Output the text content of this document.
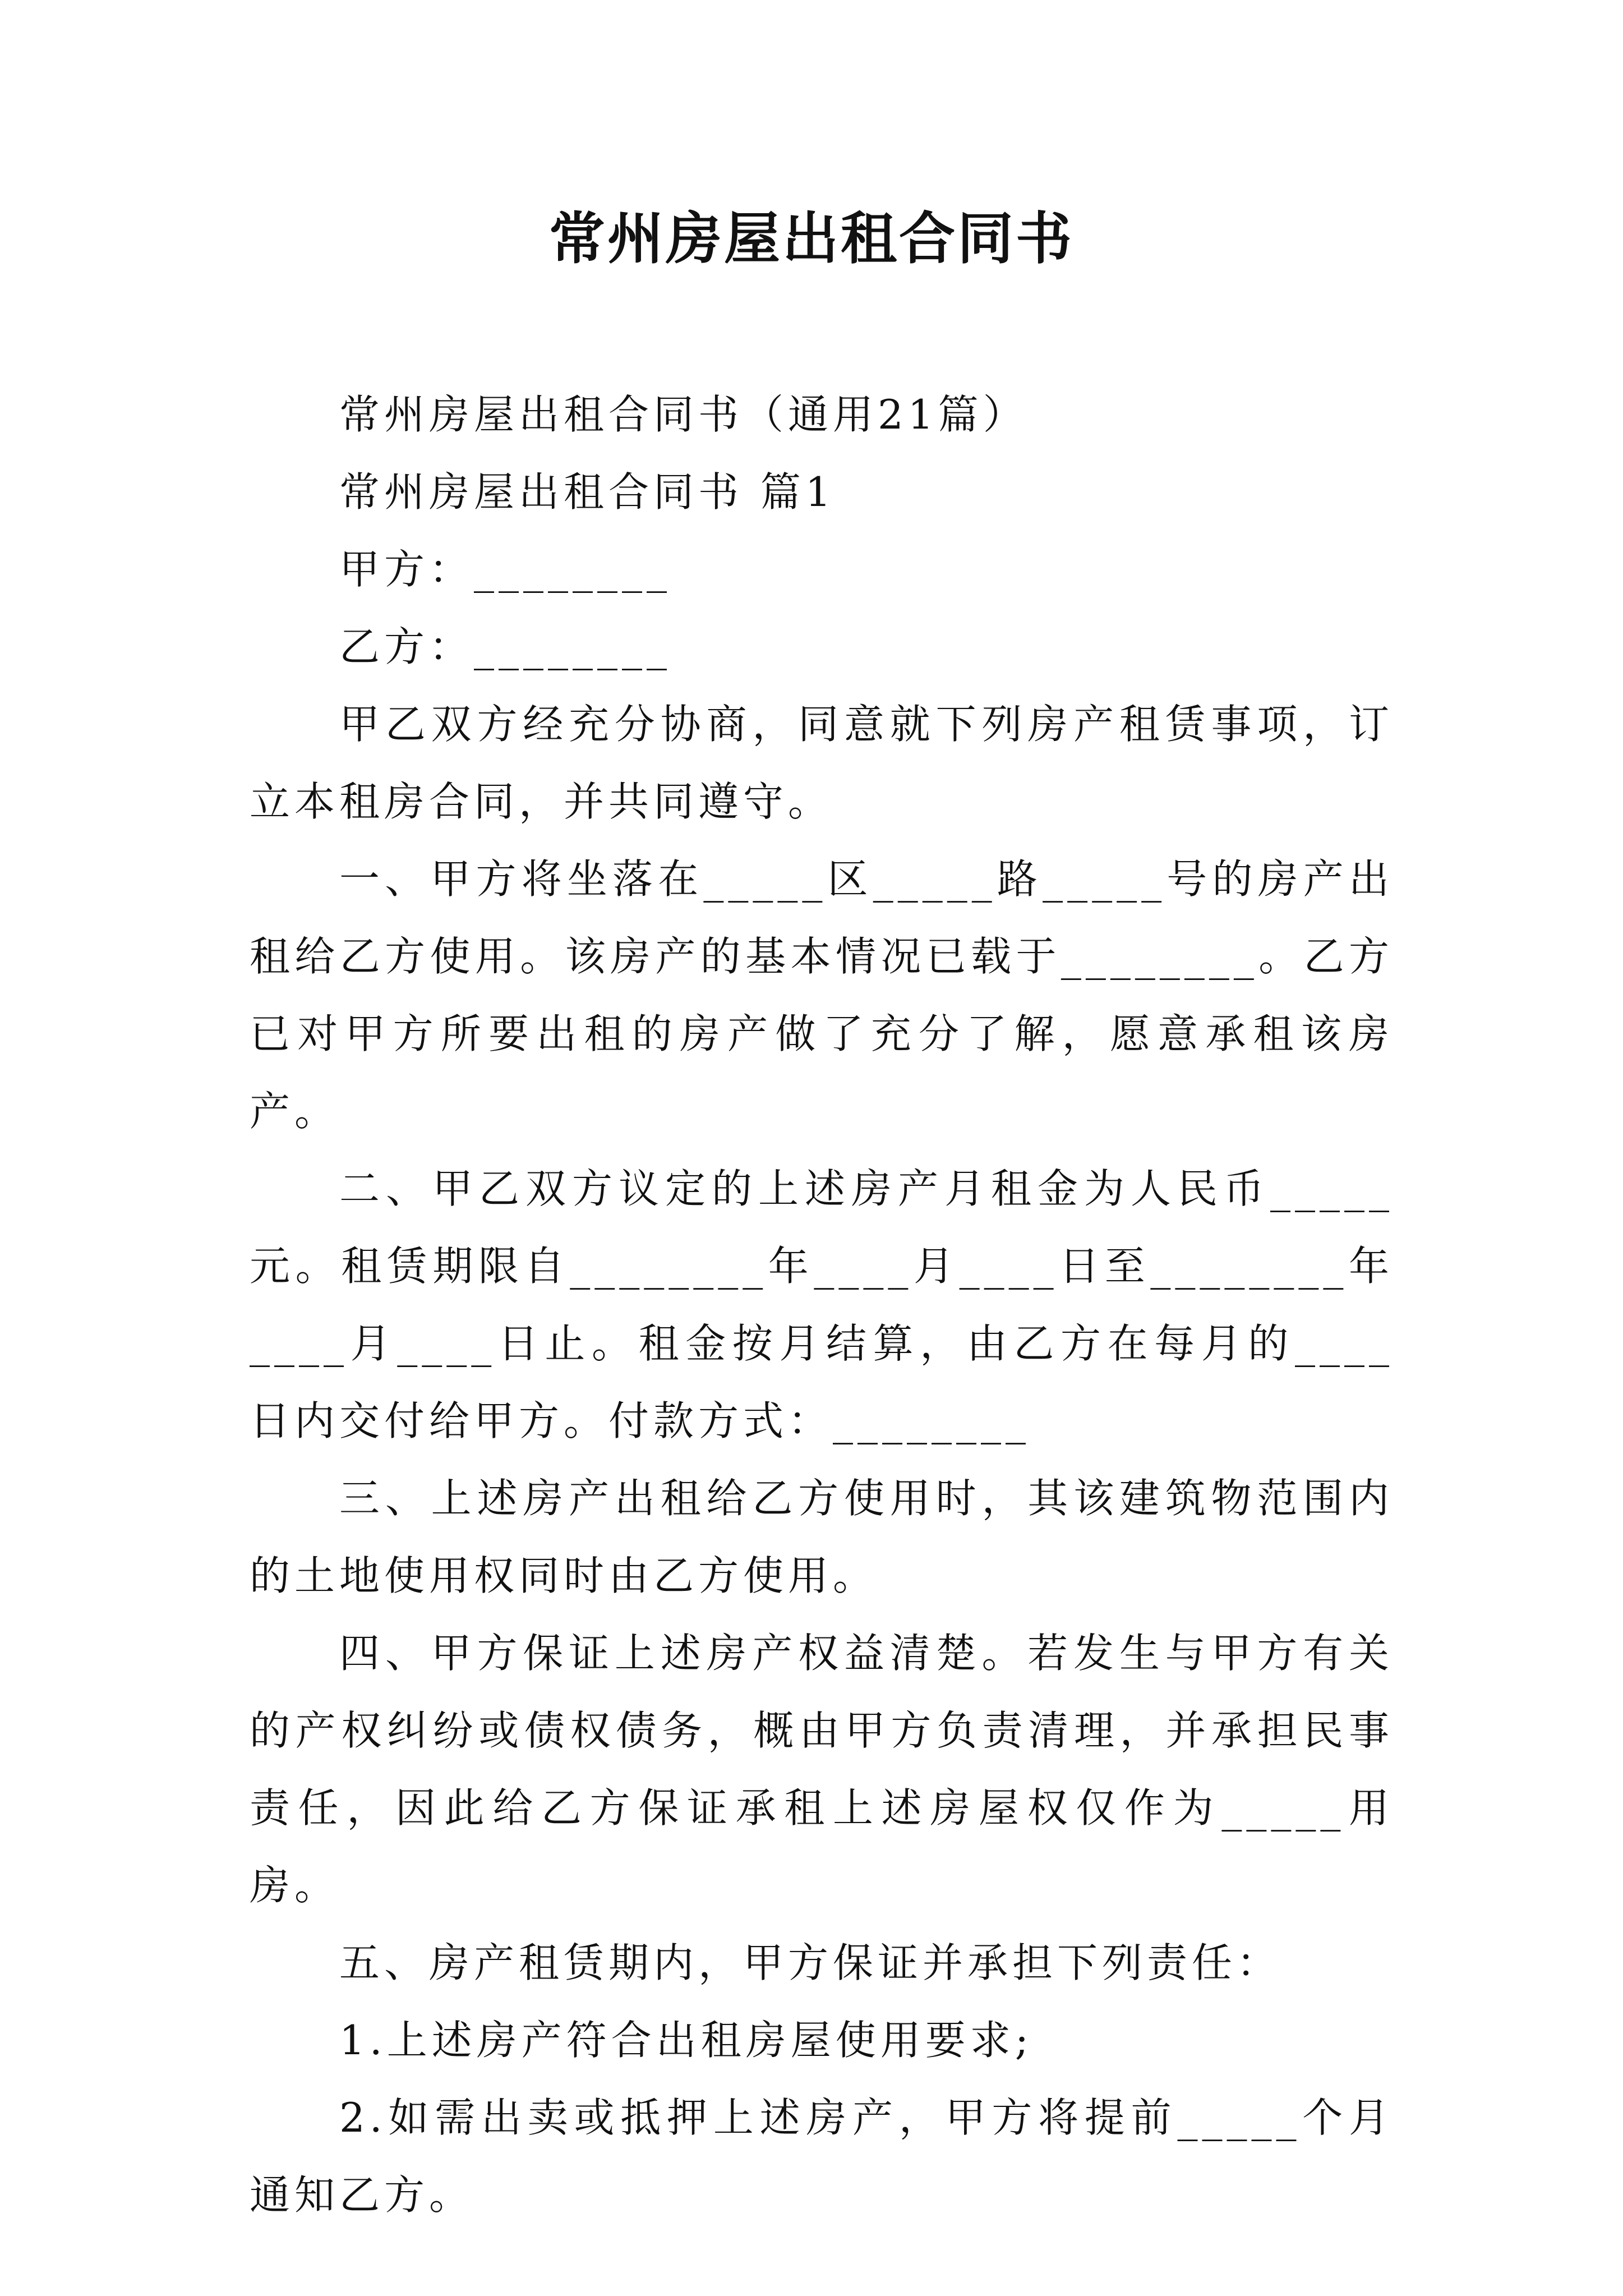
常州房屋出租合同书

常州房屋出租合同书（通用21篇）

常州房屋出租合同书 篇1

甲方：________

乙方：________

甲乙双方经充分协商，同意就下列房产租赁事项，订立本租房合同，并共同遵守。

一、甲方将坐落在_____区_____路_____号的房产出租给乙方使用。该房产的基本情况已载于________。乙方已对甲方所要出租的房产做了充分了解，愿意承租该房产。

二、甲乙双方议定的上述房产月租金为人民币_____元。租赁期限自________年____月____日至________年____月____日止。租金按月结算，由乙方在每月的____日内交付给甲方。付款方式：________

三、上述房产出租给乙方使用时，其该建筑物范围内的土地使用权同时由乙方使用。

四、甲方保证上述房产权益清楚。若发生与甲方有关的产权纠纷或债权债务，概由甲方负责清理，并承担民事责任，因此给乙方保证承租上述房屋权仅作为_____用房。

五、房产租赁期内，甲方保证并承担下列责任：

1.上述房产符合出租房屋使用要求;

2.如需出卖或抵押上述房产，甲方将提前_____个月通知乙方。
